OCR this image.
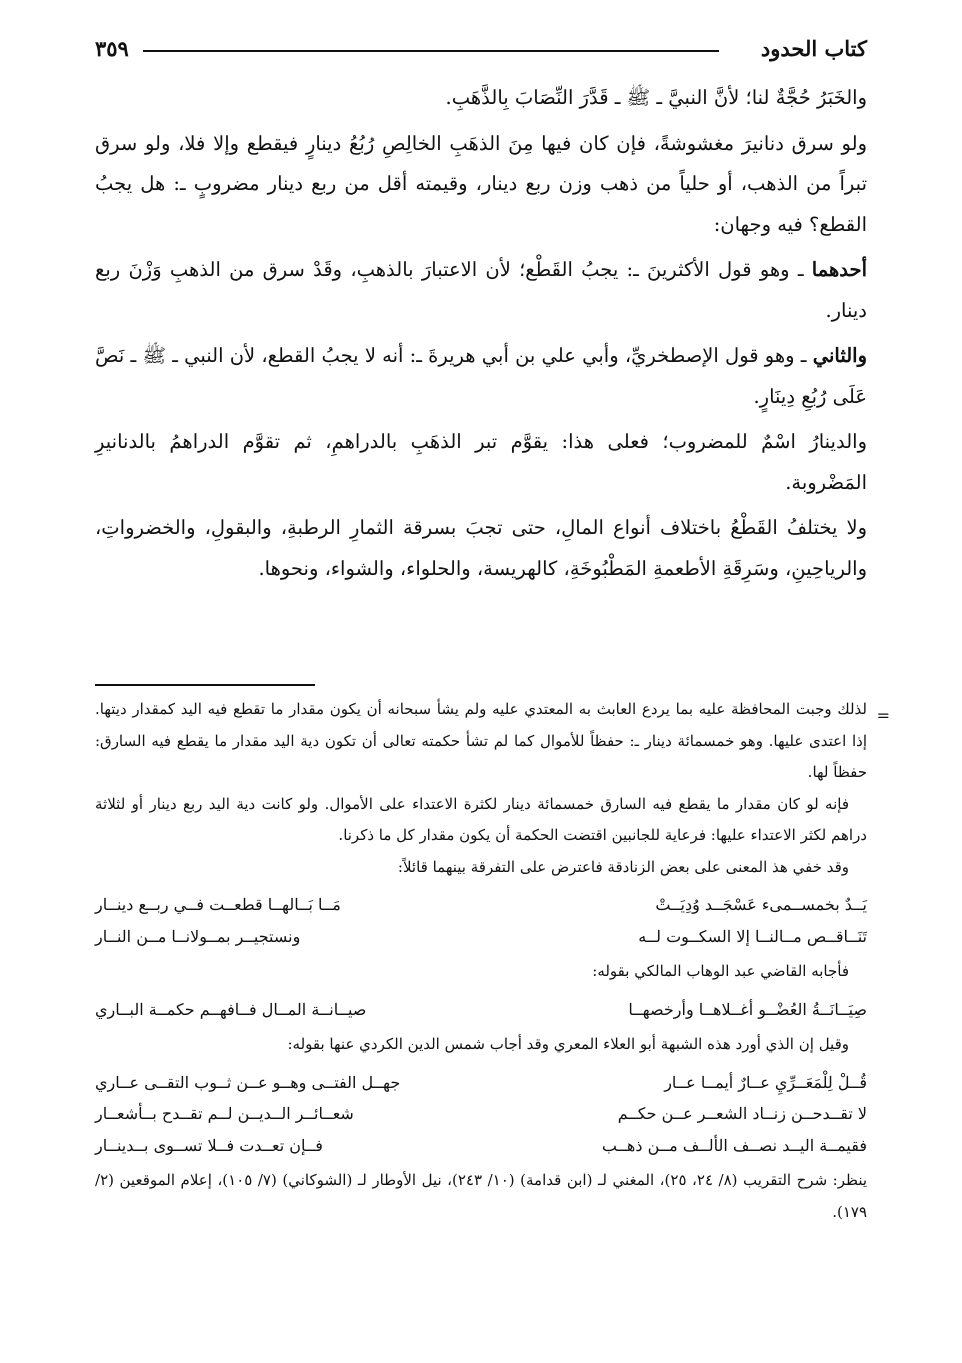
كتاب الحدود
٣٥٩

والخَبَرُ حُجَّةٌ لنا؛ لأنَّ النبيَّ ـ ﷺ ـ قَدَّرَ النِّصَابَ بِالذَّهَبِ.

ولو سرق دنانيرَ مغشوشةً، فإن كان فيها مِنَ الذهَبِ الخالِصِ رُبُعُ دينارٍ فيقطع وإلا فلا، ولو سرق تبراً من الذهب، أو حلياً من ذهب وزن ربع دينار، وقيمته أقل من ربع دينار مضروبٍ ـ: هل يجبُ القطع؟ فيه وجهان:

أحدهما ـ وهو قول الأكثرينَ ـ: يجبُ القَطْع؛ لأن الاعتبارَ بالذهبِ، وقَدْ سرق من الذهبِ وَزْنَ ربع دينار.

والثاني ـ وهو قول الإصطخريِّ، وأبي علي بن أبي هريرةَ ـ: أنه لا يجبُ القطع، لأن النبي ـ ﷺ ـ نَصَّ عَلَى رُبُعِ دِينَارٍ.

والدينارُ اسْمٌ للمضروب؛ فعلى هذا: يقوَّم تبر الذهَبِ بالدراهمِ، ثم تقوَّم الدراهمُ بالدنانيرِ المَضْروبة.

ولا يختلفُ القَطْعُ باختلاف أنواع المالِ، حتى تجبَ بسرقة الثمارِ الرطبةِ، والبقولِ، والخضرواتِ، والرياحِينِ، وسَرِقَةِ الأطعمةِ المَطْبُوخَةِ، كالهريسة، والحلواء، والشواء، ونحوها.

=

لذلك وجبت المحافظة عليه بما يردع العابث به المعتدي عليه ولم يشأ سبحانه أن يكون مقدار ما تقطع فيه اليد كمقدار ديتها. إذا اعتدى عليها. وهو خمسمائة دينار ـ: حفظاً للأموال كما لم تشأ حكمته تعالى أن تكون دية اليد مقدار ما يقطع فيه السارق: حفظاً لها.

فإنه لو كان مقدار ما يقطع فيه السارق خمسمائة دينار لكثرة الاعتداء على الأموال. ولو كانت دية اليد ربع دينار أو لثلاثة دراهم لكثر الاعتداء عليها: فرعاية للجانبين اقتضت الحكمة أن يكون مقدار كل ما ذكرنا.

وقد خفي هذ المعنى على بعض الزنادقة فاعترض على التفرقة بينهما قائلاً:

يَــدٌ بخمســمىء عَسْجَــد وُدِيَــتْ
مَــا بَــالهــا قطعــت فــي ربــع دينــار
تَنَــاقــص مــالنــا إلا السكــوت لــه
ونستجيــر بمــولانــا مــن النــار

فأجابه القاضي عبد الوهاب المالكي بقوله:

صِيَــانَــةُ العُضْــو أغــلاهــا وأرخصهــا
صيــانــة المــال فــافهــم حكمــة البــاري

وقيل إن الذي أورد هذه الشبهة أبو العلاء المعري وقد أجاب شمس الدين الكردي عنها بقوله:

قُــلْ لِلْمَعَــرِّيِ عــارٌ أيمــا عــار
جهــل الفتــى وهــو عــن ثــوب التقــى عــاري
لا تقــدحــن زنــاد الشعــر عــن حكــم
شعــائــر الــديــن لــم تقــدح بــأشعــار
فقيمــة اليــد نصــف الألــف مــن ذهــب
فــإن تعــدت فــلا تســوى بــدينــار

ينظر: شرح التقريب (٨/ ٢٤، ٢٥)، المغني لـ (ابن قدامة) (١٠/ ٢٤٣)، نيل الأوطار لـ (الشوكاني) (٧/ ١٠٥)، إعلام الموقعين (٢/ ١٧٩).
